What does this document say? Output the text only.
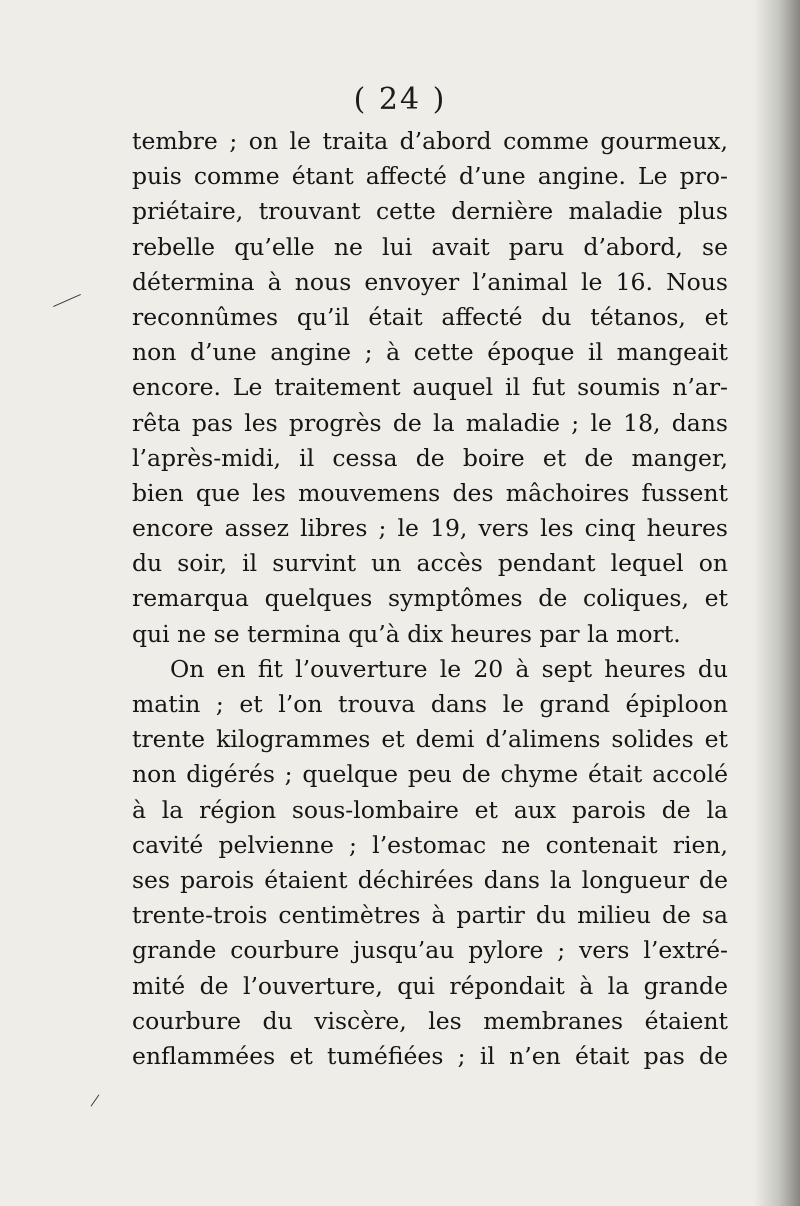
( 24 )
tembre ; on le traita d’abord comme gourmeux,
puis comme étant affecté d’une angine. Le pro-
priétaire, trouvant cette dernière maladie plus
rebelle qu’elle ne lui avait paru d’abord, se
détermina à nous envoyer l’animal le 16. Nous
reconnûmes qu’il était affecté du tétanos, et
non d’une angine ; à cette époque il mangeait
encore. Le traitement auquel il fut soumis n’ar-
rêta pas les progrès de la maladie ; le 18, dans
l’après-midi, il cessa de boire et de manger,
bien que les mouvemens des mâchoires fussent
encore assez libres ; le 19, vers les cinq heures
du soir, il survint un accès pendant lequel on
remarqua quelques symptômes de coliques, et
qui ne se termina qu’à dix heures par la mort.
On en fit l’ouverture le 20 à sept heures du
matin ; et l’on trouva dans le grand épiploon
trente kilogrammes et demi d’alimens solides et
non digérés ; quelque peu de chyme était accolé
à la région sous-lombaire et aux parois de la
cavité pelvienne ; l’estomac ne contenait rien,
ses parois étaient déchirées dans la longueur de
trente-trois centimètres à partir du milieu de sa
grande courbure jusqu’au pylore ; vers l’extré-
mité de l’ouverture, qui répondait à la grande
courbure du viscère, les membranes étaient
enflammées et tuméfiées ; il n’en était pas de
